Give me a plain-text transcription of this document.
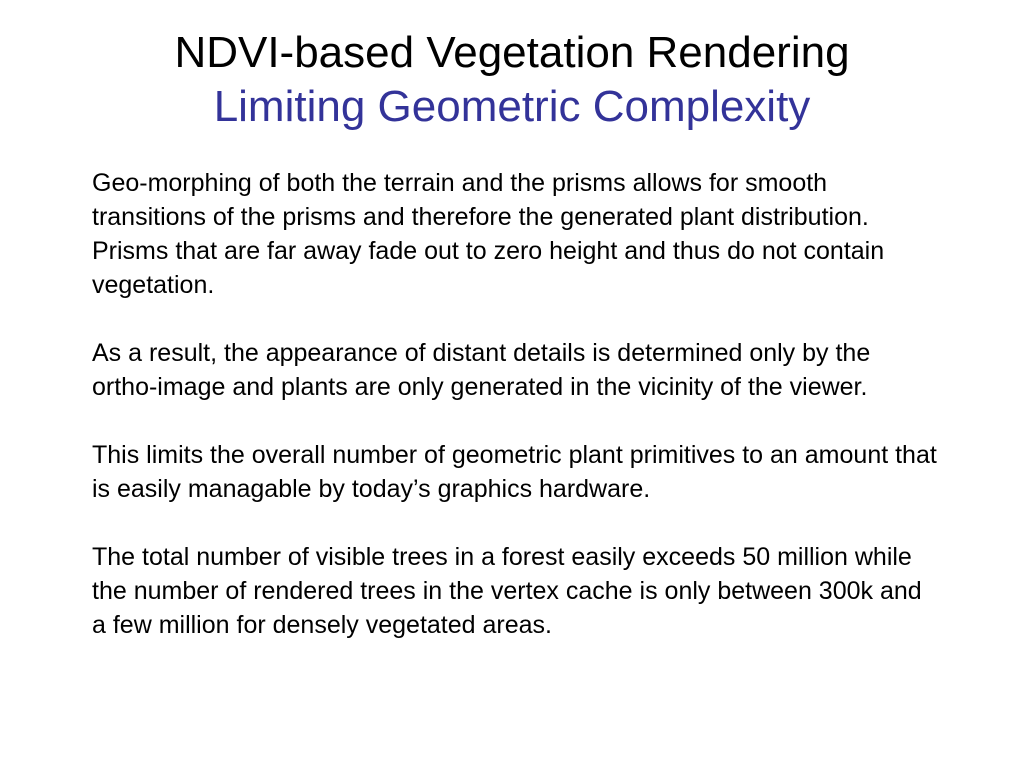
NDVI-based Vegetation Rendering
Limiting Geometric Complexity

Geo-morphing of both the terrain and the prisms allows for smooth transitions of the prisms and therefore the generated plant distribution. Prisms that are far away fade out to zero height and thus do not contain vegetation.

As a result, the appearance of distant details is determined only by the ortho-image and plants are only generated in the vicinity of the viewer.

This limits the overall number of geometric plant primitives to an amount that is easily managable by today’s graphics hardware.

The total number of visible trees in a forest easily exceeds 50 million while the number of rendered trees in the vertex cache is only between 300k and a few million for densely vegetated areas.
